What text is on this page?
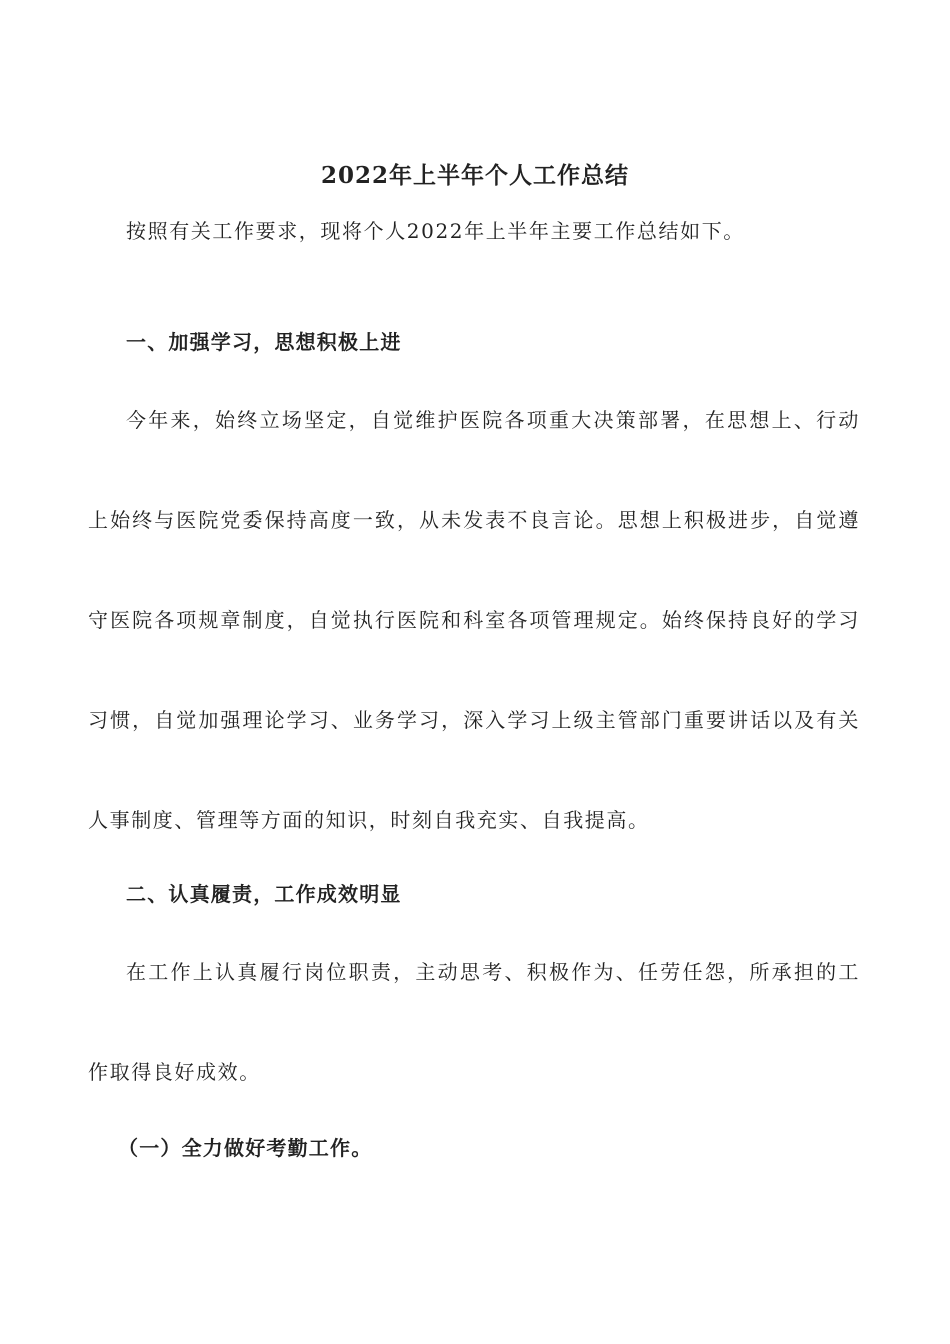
2022年上半年个人工作总结
按照有关工作要求，现将个人2022年上半年主要工作总结如下。
一、加强学习，思想积极上进
今年来，始终立场坚定，自觉维护医院各项重大决策部署，在思想上、行动上始终与医院党委保持高度一致，从未发表不良言论。思想上积极进步，自觉遵守医院各项规章制度，自觉执行医院和科室各项管理规定。始终保持良好的学习习惯，自觉加强理论学习、业务学习，深入学习上级主管部门重要讲话以及有关人事制度、管理等方面的知识，时刻自我充实、自我提高。
二、认真履责，工作成效明显
在工作上认真履行岗位职责，主动思考、积极作为、任劳任怨，所承担的工作取得良好成效。
（一）全力做好考勤工作。
